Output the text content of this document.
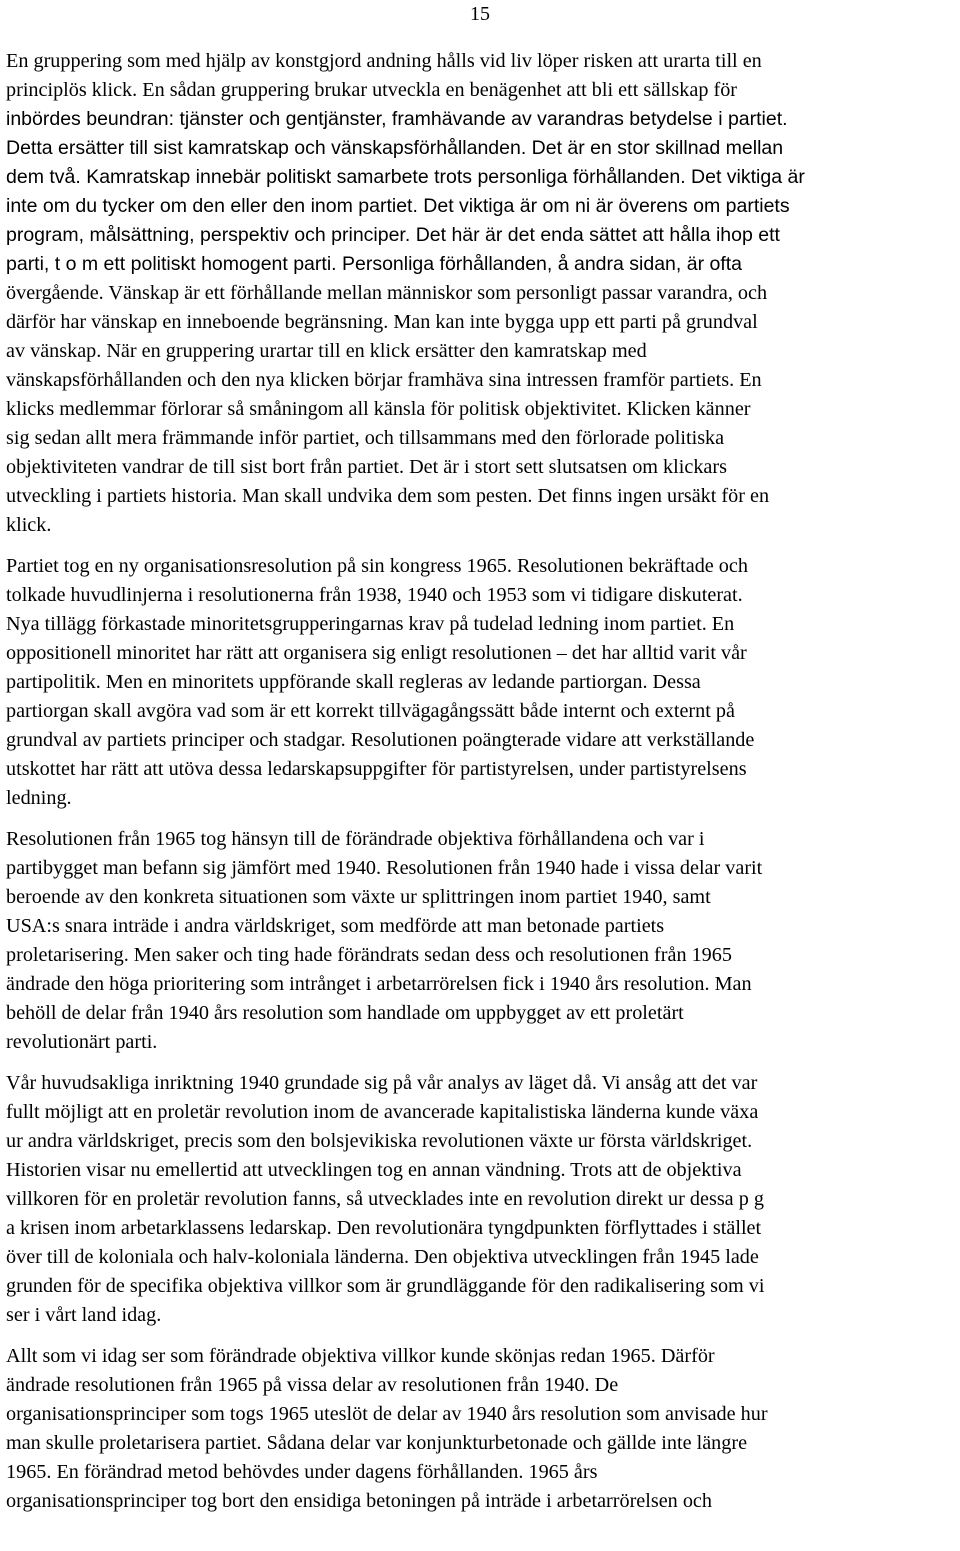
15

En gruppering som med hjälp av konstgjord andning hålls vid liv löper risken att urarta till en
principlös klick. En sådan gruppering brukar utveckla en benägenhet att bli ett sällskap för
inbördes beundran: tjänster och gentjänster, framhävande av varandras betydelse i partiet.
Detta ersätter till sist kamratskap och vänskapsförhållanden. Det är en stor skillnad mellan
dem två. Kamratskap innebär politiskt samarbete trots personliga förhållanden. Det viktiga är
inte om du tycker om den eller den inom partiet. Det viktiga är om ni är överens om partiets
program, målsättning, perspektiv och principer. Det här är det enda sättet att hålla ihop ett
parti, t o m ett politiskt homogent parti. Personliga förhållanden, å andra sidan, är ofta
övergående. Vänskap är ett förhållande mellan människor som personligt passar varandra, och
därför har vänskap en inneboende begränsning. Man kan inte bygga upp ett parti på grundval
av vänskap. När en gruppering urartar till en klick ersätter den kamratskap med
vänskapsförhållanden och den nya klicken börjar framhäva sina intressen framför partiets. En
klicks medlemmar förlorar så småningom all känsla för politisk objektivitet. Klicken känner
sig sedan allt mera främmande inför partiet, och tillsammans med den förlorade politiska
objektiviteten vandrar de till sist bort från partiet. Det är i stort sett slutsatsen om klickars
utveckling i partiets historia. Man skall undvika dem som pesten. Det finns ingen ursäkt för en
klick.

Partiet tog en ny organisationsresolution på sin kongress 1965. Resolutionen bekräftade och
tolkade huvudlinjerna i resolutionerna från 1938, 1940 och 1953 som vi tidigare diskuterat.
Nya tillägg förkastade minoritetsgrupperingarnas krav på tudelad ledning inom partiet. En
oppositionell minoritet har rätt att organisera sig enligt resolutionen – det har alltid varit vår
partipolitik. Men en minoritets uppförande skall regleras av ledande partiorgan. Dessa
partiorgan skall avgöra vad som är ett korrekt tillvägagångssätt både internt och externt på
grundval av partiets principer och stadgar. Resolutionen poängterade vidare att verkställande
utskottet har rätt att utöva dessa ledarskapsuppgifter för partistyrelsen, under partistyrelsens
ledning.

Resolutionen från 1965 tog hänsyn till de förändrade objektiva förhållandena och var i
partibygget man befann sig jämfört med 1940. Resolutionen från 1940 hade i vissa delar varit
beroende av den konkreta situationen som växte ur splittringen inom partiet 1940, samt
USA:s snara inträde i andra världskriget, som medförde att man betonade partiets
proletarisering. Men saker och ting hade förändrats sedan dess och resolutionen från 1965
ändrade den höga prioritering som intrånget i arbetarrörelsen fick i 1940 års resolution. Man
behöll de delar från 1940 års resolution som handlade om uppbygget av ett proletärt
revolutionärt parti.

Vår huvudsakliga inriktning 1940 grundade sig på vår analys av läget då. Vi ansåg att det var
fullt möjligt att en proletär revolution inom de avancerade kapitalistiska länderna kunde växa
ur andra världskriget, precis som den bolsjevikiska revolutionen växte ur första världskriget.
Historien visar nu emellertid att utvecklingen tog en annan vändning. Trots att de objektiva
villkoren för en proletär revolution fanns, så utvecklades inte en revolution direkt ur dessa p g
a krisen inom arbetarklassens ledarskap. Den revolutionära tyngdpunkten förflyttades i stället
över till de koloniala och halv-koloniala länderna. Den objektiva utvecklingen från 1945 lade
grunden för de specifika objektiva villkor som är grundläggande för den radikalisering som vi
ser i vårt land idag.

Allt som vi idag ser som förändrade objektiva villkor kunde skönjas redan 1965. Därför
ändrade resolutionen från 1965 på vissa delar av resolutionen från 1940. De
organisationsprinciper som togs 1965 uteslöt de delar av 1940 års resolution som anvisade hur
man skulle proletarisera partiet. Sådana delar var konjunkturbetonade och gällde inte längre
1965. En förändrad metod behövdes under dagens förhållanden. 1965 års
organisationsprinciper tog bort den ensidiga betoningen på inträde i arbetarrörelsen och
